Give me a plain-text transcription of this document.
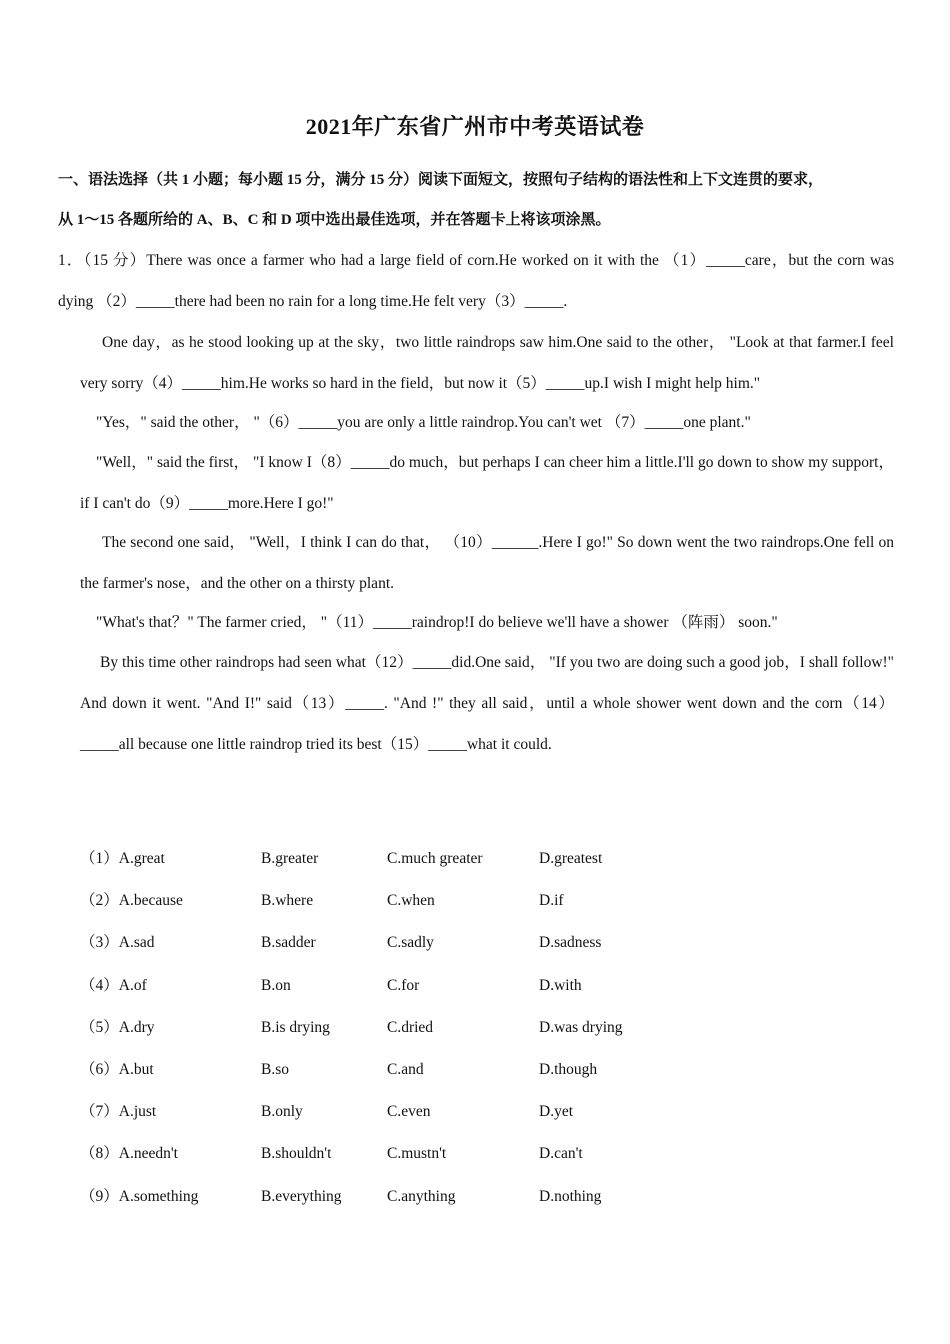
2021年广东省广州市中考英语试卷
一、语法选择（共 1 小题；每小题 15 分，满分 15 分）阅读下面短文，按照句子结构的语法性和上下文连贯的要求，
从 1～15 各题所给的 A、B、C 和 D 项中选出最佳选项，并在答题卡上将该项涂黑。

1．（15 分）There was once a farmer who had a large field of corn.He worked on it with the （1）_____care，but the corn was dying （2）_____there had been no rain for a long time.He felt very（3）_____.

One day，as he stood looking up at the sky，two little raindrops saw him.One said to the other， "Look at that farmer.I feel very sorry（4）_____him.He works so hard in the field，but now it（5）_____up.I wish I might help him."

"Yes，" said the other， "（6）_____you are only a little raindrop.You can't wet （7）_____one plant."

"Well，" said the first， "I know I（8）_____do much，but perhaps I can cheer him a little.I'll go down to show my support，if I can't do（9）_____more.Here I go!"

The second one said， "Well，I think I can do that， （10）______.Here I go!" So down went the two raindrops.One fell on the farmer's nose，and the other on a thirsty plant.

"What's that？" The farmer cried， "（11）_____raindrop!I do believe we'll have a shower （阵雨） soon."

By this time other raindrops had seen what（12）_____did.One said， "If you two are doing such a good job，I shall follow!" And down it went. "And I!" said（13）_____. "And !" they all said，until a whole shower went down and the corn（14）_____all because one little raindrop tried its best（15）_____what it could.

（1）A.great	B.greater	C.much greater	D.greatest
（2）A.because	B.where	C.when	D.if
（3）A.sad	B.sadder	C.sadly	D.sadness
（4）A.of	B.on	C.for	D.with
（5）A.dry	B.is drying	C.dried	D.was drying
（6）A.but	B.so	C.and	D.though
（7）A.just	B.only	C.even	D.yet
（8）A.needn't	B.shouldn't	C.mustn't	D.can't
（9）A.something	B.everything	C.anything	D.nothing
